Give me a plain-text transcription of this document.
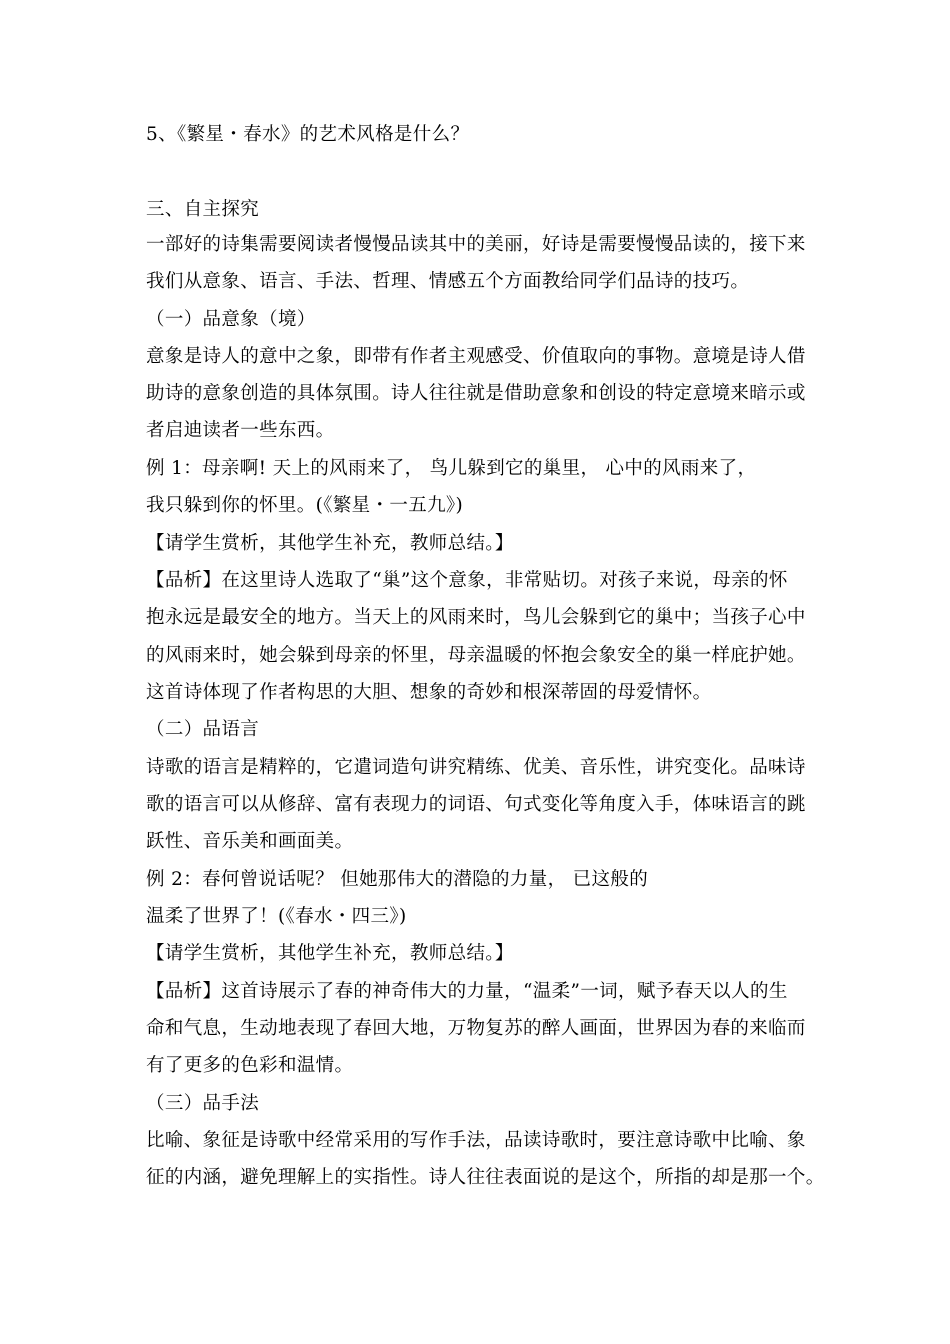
5、《繁星・春水》的艺术风格是什么？
三、自主探究
一部好的诗集需要阅读者慢慢品读其中的美丽，好诗是需要慢慢品读的，接下来
我们从意象、语言、手法、哲理、情感五个方面教给同学们品诗的技巧。
（一）品意象（境）
意象是诗人的意中之象，即带有作者主观感受、价值取向的事物。意境是诗人借
助诗的意象创造的具体氛围。诗人往往就是借助意象和创设的特定意境来暗示或
者启迪读者一些东西。
例 1：母亲啊! 天上的风雨来了， 鸟儿躲到它的巢里， 心中的风雨来了，
我只躲到你的怀里。(《繁星・一五九》)
【请学生赏析，其他学生补充，教师总结。】
【品析】在这里诗人选取了“巢”这个意象，非常贴切。对孩子来说，母亲的怀
抱永远是最安全的地方。当天上的风雨来时，鸟儿会躲到它的巢中；当孩子心中
的风雨来时，她会躲到母亲的怀里，母亲温暖的怀抱会象安全的巢一样庇护她。
这首诗体现了作者构思的大胆、想象的奇妙和根深蒂固的母爱情怀。
（二）品语言
诗歌的语言是精粹的，它遣词造句讲究精练、优美、音乐性，讲究变化。品味诗
歌的语言可以从修辞、富有表现力的词语、句式变化等角度入手，体味语言的跳
跃性、音乐美和画面美。
例 2：春何曾说话呢？ 但她那伟大的潜隐的力量， 已这般的
温柔了世界了！(《春水・四三》)
【请学生赏析，其他学生补充，教师总结。】
【品析】这首诗展示了春的神奇伟大的力量，“温柔”一词，赋予春天以人的生
命和气息，生动地表现了春回大地，万物复苏的醉人画面，世界因为春的来临而
有了更多的色彩和温情。
（三）品手法
比喻、象征是诗歌中经常采用的写作手法，品读诗歌时，要注意诗歌中比喻、象
征的内涵，避免理解上的实指性。诗人往往表面说的是这个，所指的却是那一个。
